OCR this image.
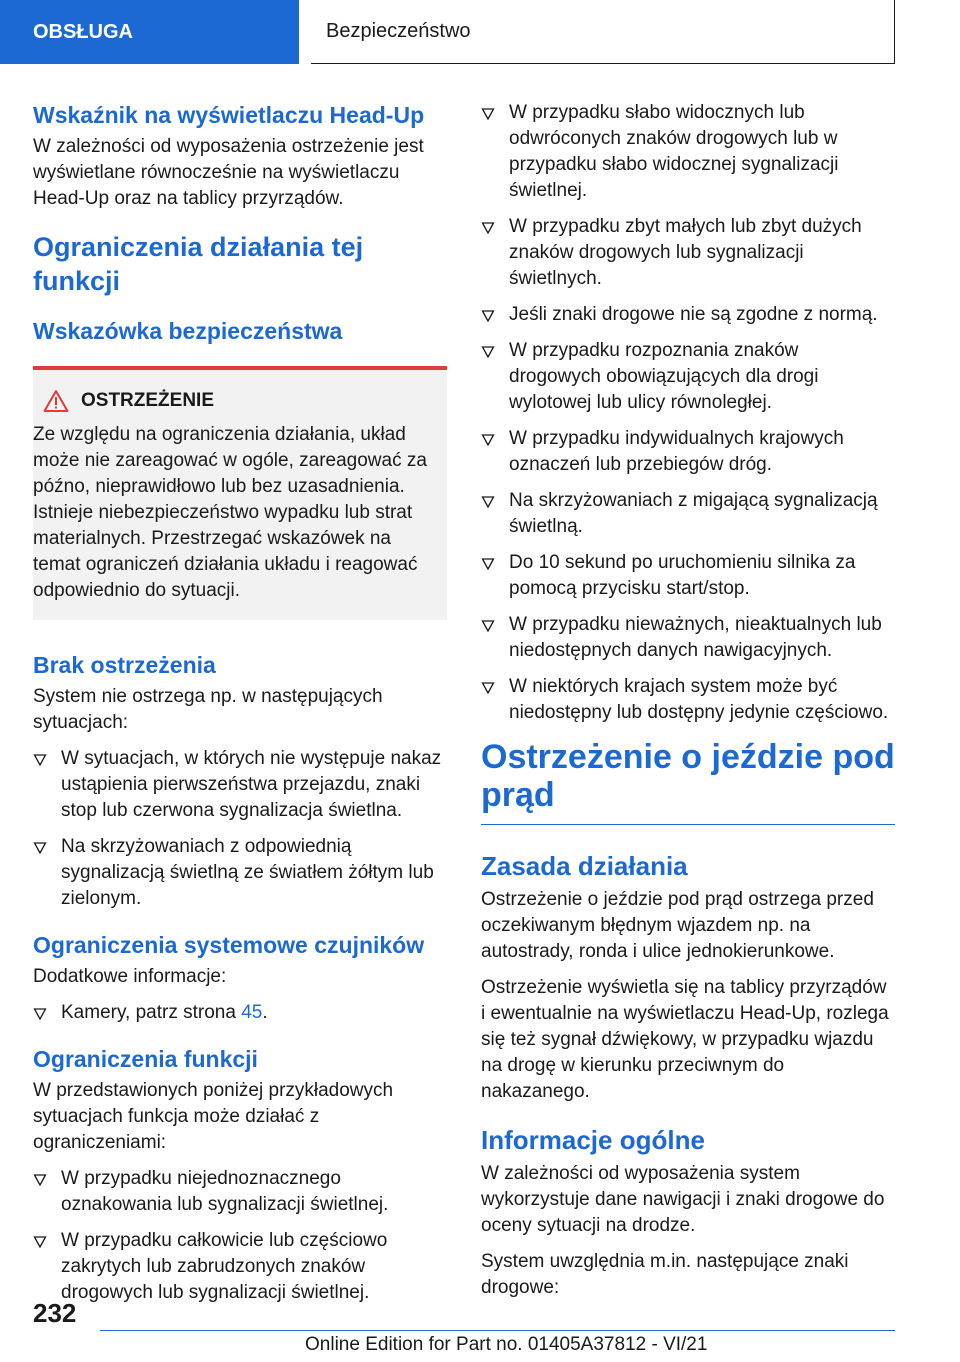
OBSŁUGA	Bezpieczeństwo
Wskaźnik na wyświetlaczu Head-Up

W zależności od wyposażenia ostrzeżenie jest wyświetlane równocześnie na wyświetlaczu Head-Up oraz na tablicy przyrządów.

Ograniczenia działania tej funkcji
Wskazówka bezpieczeństwa
OSTRZEŻENIE

Ze względu na ograniczenia działania, układ może nie zareagować w ogóle, zareagować za późno, nieprawidłowo lub bez uzasadnienia. Istnieje niebezpieczeństwo wypadku lub strat materialnych. Przestrzegać wskazówek na temat ograniczeń działania układu i reagować odpowiednio do sytuacji.

Brak ostrzeżenia

System nie ostrzega np. w następujących sytuacjach:

W sytuacjach, w których nie występuje nakaz ustąpienia pierwszeństwa przejazdu, znaki stop lub czerwona sygnalizacja świetlna.
Na skrzyżowaniach z odpowiednią sygnalizacją świetlną ze światłem żółtym lub zielonym.
Ograniczenia systemowe czujników

Dodatkowe informacje:

Kamery, patrz strona 45.
Ograniczenia funkcji

W przedstawionych poniżej przykładowych sytuacjach funkcja może działać z ograniczeniami:

W przypadku niejednoznacznego oznakowania lub sygnalizacji świetlnej.
W przypadku całkowicie lub częściowo zakrytych lub zabrudzonych znaków drogowych lub sygnalizacji świetlnej.
W przypadku słabo widocznych lub odwróconych znaków drogowych lub w przypadku słabo widocznej sygnalizacji świetlnej.
W przypadku zbyt małych lub zbyt dużych znaków drogowych lub sygnalizacji świetlnych.
Jeśli znaki drogowe nie są zgodne z normą.
W przypadku rozpoznania znaków drogowych obowiązujących dla drogi wylotowej lub ulicy równoległej.
W przypadku indywidualnych krajowych oznaczeń lub przebiegów dróg.
Na skrzyżowaniach z migającą sygnalizacją świetlną.
Do 10 sekund po uruchomieniu silnika za pomocą przycisku start/stop.
W przypadku nieważnych, nieaktualnych lub niedostępnych danych nawigacyjnych.
W niektórych krajach system może być niedostępny lub dostępny jedynie częściowo.
Ostrzeżenie o jeździe pod prąd
Zasada działania

Ostrzeżenie o jeździe pod prąd ostrzega przed oczekiwanym błędnym wjazdem np. na autostrady, ronda i ulice jednokierunkowe.

Ostrzeżenie wyświetla się na tablicy przyrządów i ewentualnie na wyświetlaczu Head-Up, rozlega się też sygnał dźwiękowy, w przypadku wjazdu na drogę w kierunku przeciwnym do nakazanego.

Informacje ogólne

W zależności od wyposażenia system wykorzystuje dane nawigacji i znaki drogowe do oceny sytuacji na drodze.

System uwzględnia m.in. następujące znaki drogowe:

232
Online Edition for Part no. 01405A37812 - VI/21
